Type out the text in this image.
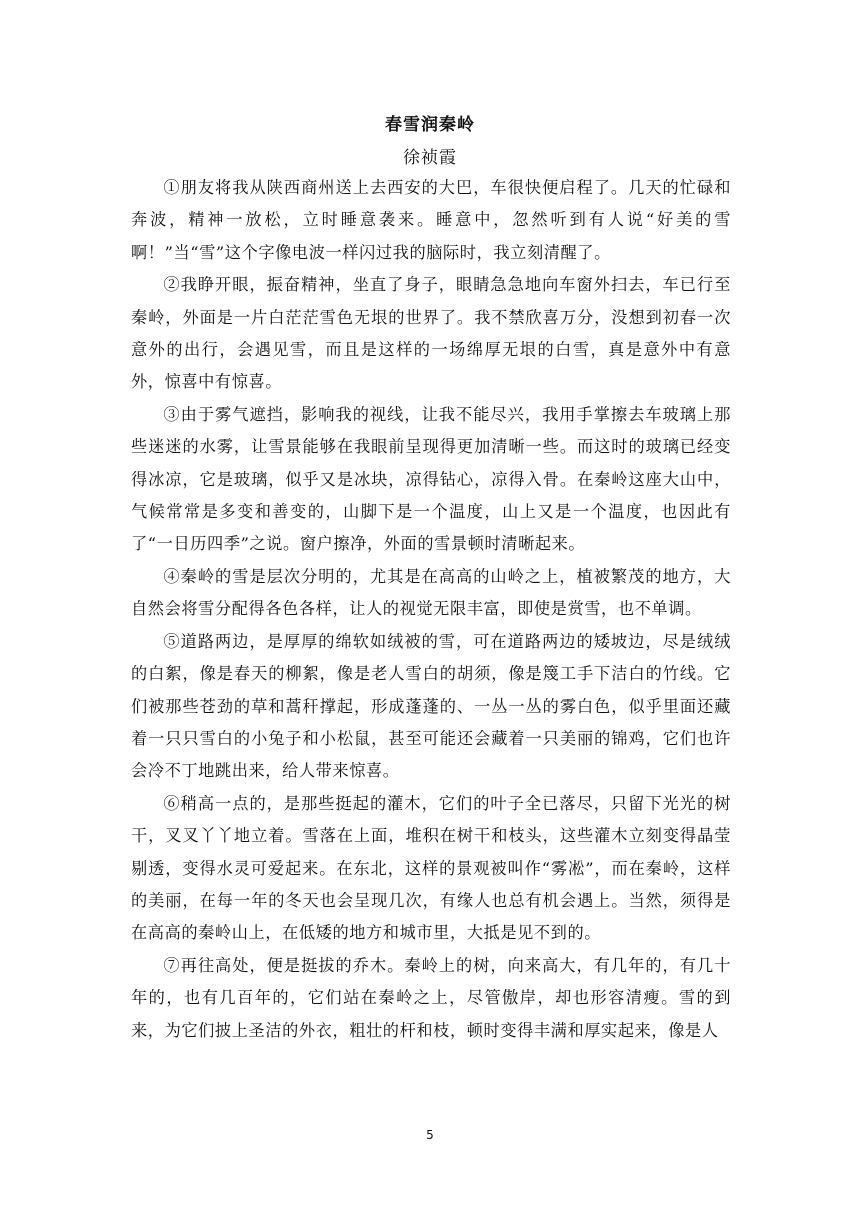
春雪润秦岭
徐祯霞

①朋友将我从陕西商州送上去西安的大巴，车很快便启程了。几天的忙碌和奔波，精神一放松，立时睡意袭来。睡意中，忽然听到有人说“好美的雪啊！”当“雪”这个字像电波一样闪过我的脑际时，我立刻清醒了。

②我睁开眼，振奋精神，坐直了身子，眼睛急急地向车窗外扫去，车已行至秦岭，外面是一片白茫茫雪色无垠的世界了。我不禁欣喜万分，没想到初春一次意外的出行，会遇见雪，而且是这样的一场绵厚无垠的白雪，真是意外中有意外，惊喜中有惊喜。

③由于雾气遮挡，影响我的视线，让我不能尽兴，我用手掌擦去车玻璃上那些迷迷的水雾，让雪景能够在我眼前呈现得更加清晰一些。而这时的玻璃已经变得冰凉，它是玻璃，似乎又是冰块，凉得钻心，凉得入骨。在秦岭这座大山中，气候常常是多变和善变的，山脚下是一个温度，山上又是一个温度，也因此有了“一日历四季”之说。窗户擦净，外面的雪景顿时清晰起来。

④秦岭的雪是层次分明的，尤其是在高高的山岭之上，植被繁茂的地方，大自然会将雪分配得各色各样，让人的视觉无限丰富，即使是赏雪，也不单调。

⑤道路两边，是厚厚的绵软如绒被的雪，可在道路两边的矮坡边，尽是绒绒的白絮，像是春天的柳絮，像是老人雪白的胡须，像是篾工手下洁白的竹线。它们被那些苍劲的草和蒿秆撑起，形成蓬蓬的、一丛一丛的雾白色，似乎里面还藏着一只只雪白的小兔子和小松鼠，甚至可能还会藏着一只美丽的锦鸡，它们也许会冷不丁地跳出来，给人带来惊喜。

⑥稍高一点的，是那些挺起的灌木，它们的叶子全已落尽，只留下光光的树干，叉叉丫丫地立着。雪落在上面，堆积在树干和枝头，这些灌木立刻变得晶莹剔透，变得水灵可爱起来。在东北，这样的景观被叫作“雾凇”，而在秦岭，这样的美丽，在每一年的冬天也会呈现几次，有缘人也总有机会遇上。当然，须得是在高高的秦岭山上，在低矮的地方和城市里，大抵是见不到的。

⑦再往高处，便是挺拔的乔木。秦岭上的树，向来高大，有几年的，有几十年的，也有几百年的，它们站在秦岭之上，尽管傲岸，却也形容清瘦。雪的到来，为它们披上圣洁的外衣，粗壮的杆和枝，顿时变得丰满和厚实起来，像是人

5
